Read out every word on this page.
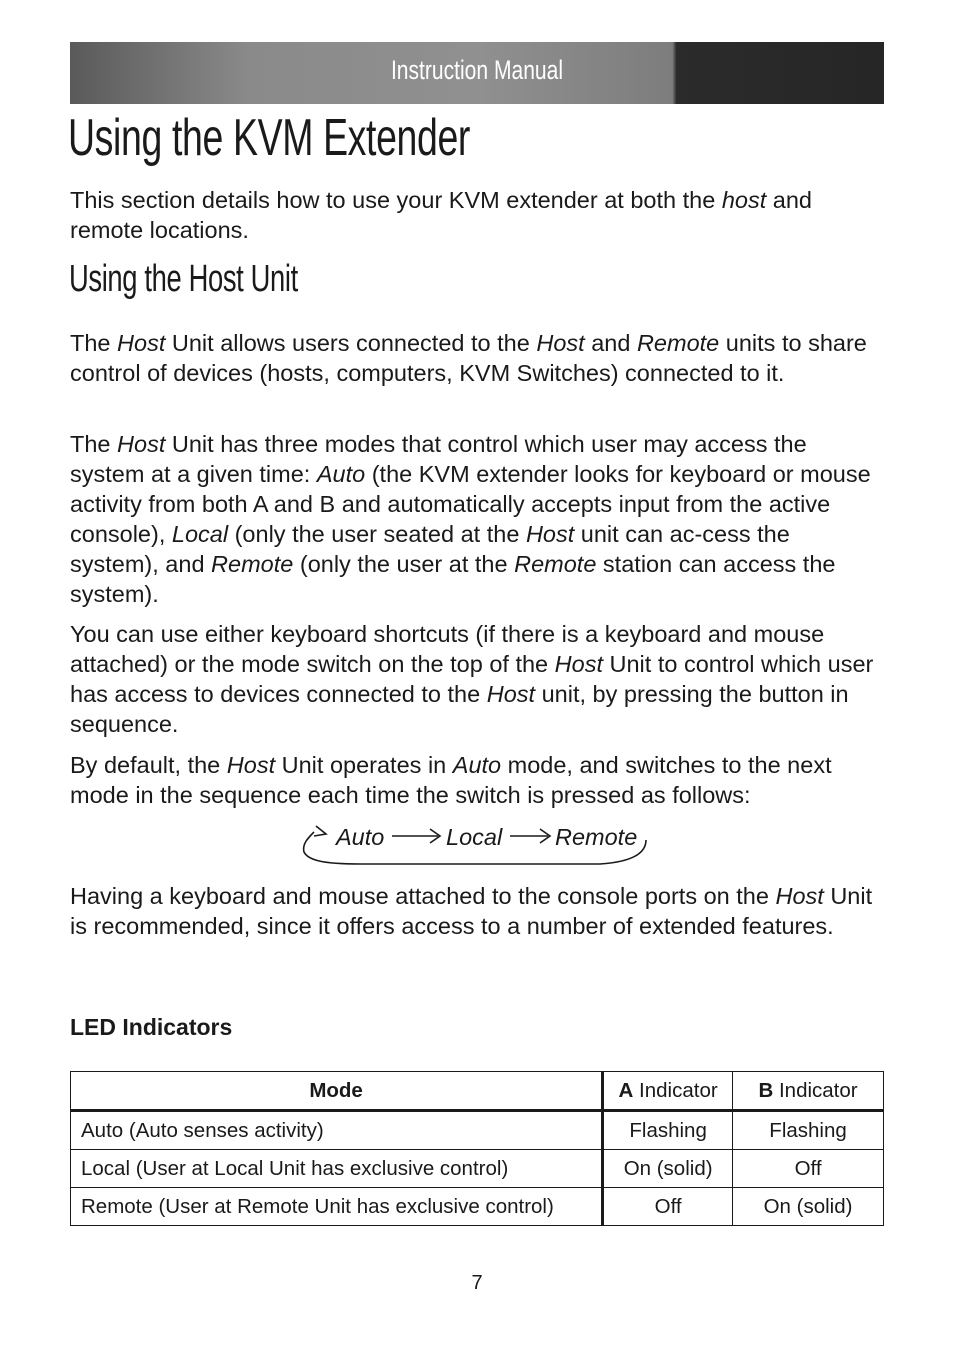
Instruction Manual
Using the KVM Extender

This section details how to use your KVM extender at both the host and remote locations.

Using the Host Unit

The Host Unit allows users connected to the Host and Remote units to share control of devices (hosts, computers, KVM Switches) connected to it.

The Host Unit has three modes that control which user may access the system at a given time: Auto (the KVM extender looks for keyboard or mouse activity from both A and B and automatically accepts input from the active console), Local (only the user seated at the Host unit can ac-cess the system), and Remote (only the user at the Remote station can access the system).

You can use either keyboard shortcuts (if there is a keyboard and mouse attached) or the mode switch on the top of the Host Unit to control which user has access to devices connected to the Host unit, by pressing the button in sequence.

By default, the Host Unit operates in Auto mode, and switches to the next mode in the sequence each time the switch is pressed as follows:

Auto	Local Remote

Having a keyboard and mouse attached to the console ports on the Host Unit is recommended, since it offers access to a number of extended features.

LED Indicators
Mode	A Indicator	B Indicator
Auto (Auto senses activity)	Flashing	Flashing
Local (User at Local Unit has exclusive control)	On (solid)	Off
Remote (User at Remote Unit has exclusive control)	Off	On (solid)
7
